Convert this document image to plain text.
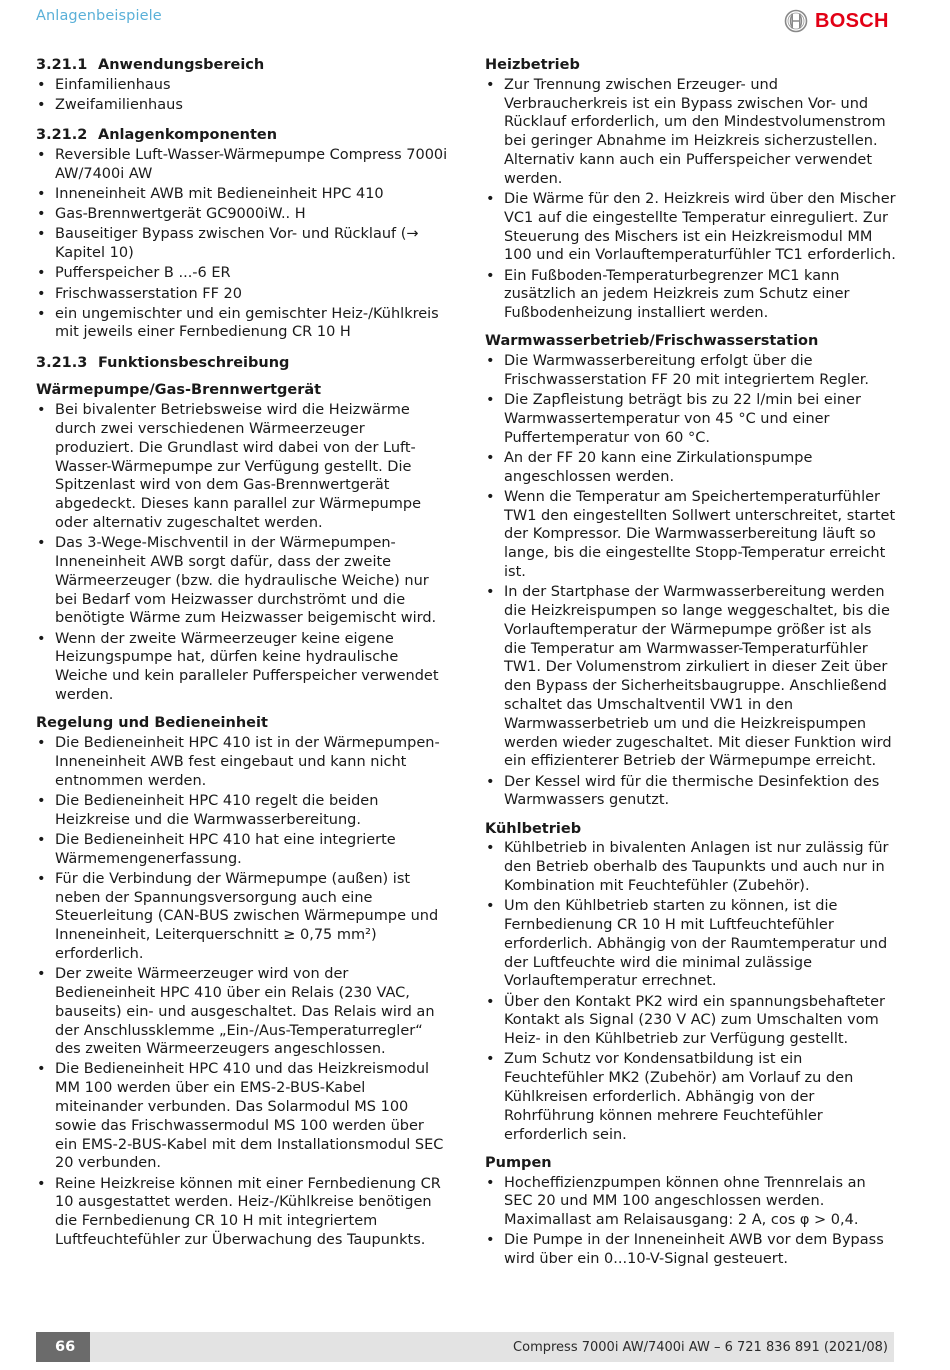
Anlagenbeispiele	BOSCH
3.21.1 Anwendungsbereich
• Einfamilienhaus
• Zweifamilienhaus
3.21.2 Anlagenkomponenten
• Reversible Luft-Wasser-Wärmepumpe Compress 7000i AW/7400i AW
• Inneneinheit AWB mit Bedieneinheit HPC 410
• Gas-Brennwertgerät GC9000iW.. H
• Bauseitiger Bypass zwischen Vor- und Rücklauf (→ Kapitel 10)
• Pufferspeicher B ...-6 ER
• Frischwasserstation FF 20
• ein ungemischter und ein gemischter Heiz-/Kühlkreis mit jeweils einer Fernbedienung CR 10 H
3.21.3 Funktionsbeschreibung
Wärmepumpe/Gas-Brennwertgerät
• Bei bivalenter Betriebsweise wird die Heizwärme durch zwei verschiedenen Wärmeerzeuger produziert. Die Grundlast wird dabei von der Luft-Wasser-Wärmepumpe zur Verfügung gestellt. Die Spitzenlast wird von dem Gas-Brennwertgerät abgedeckt. Dieses kann parallel zur Wärmepumpe oder alternativ zugeschaltet werden.
• Das 3-Wege-Mischventil in der Wärmepumpen-Inneneinheit AWB sorgt dafür, dass der zweite Wärmeerzeuger (bzw. die hydraulische Weiche) nur bei Bedarf vom Heizwasser durchströmt und die benötigte Wärme zum Heizwasser beigemischt wird.
• Wenn der zweite Wärmeerzeuger keine eigene Heizungspumpe hat, dürfen keine hydraulische Weiche und kein paralleler Pufferspeicher verwendet werden.
Regelung und Bedieneinheit
• Die Bedieneinheit HPC 410 ist in der Wärmepumpen-Inneneinheit AWB fest eingebaut und kann nicht entnommen werden.
• Die Bedieneinheit HPC 410 regelt die beiden Heizkreise und die Warmwasserbereitung.
• Die Bedieneinheit HPC 410 hat eine integrierte Wärmemengenerfassung.
• Für die Verbindung der Wärmepumpe (außen) ist neben der Spannungsversorgung auch eine Steuerleitung (CAN-BUS zwischen Wärmepumpe und Inneneinheit, Leiterquerschnitt ≥ 0,75 mm²) erforderlich.
• Der zweite Wärmeerzeuger wird von der Bedieneinheit HPC 410 über ein Relais (230 VAC, bauseits) ein- und ausgeschaltet. Das Relais wird an der Anschlussklemme „Ein-/Aus-Temperaturregler“ des zweiten Wärmeerzeugers angeschlossen.
• Die Bedieneinheit HPC 410 und das Heizkreismodul MM 100 werden über ein EMS-2-BUS-Kabel miteinander verbunden. Das Solarmodul MS 100 sowie das Frischwassermodul MS 100 werden über ein EMS-2-BUS-Kabel mit dem Installationsmodul SEC 20 verbunden.
• Reine Heizkreise können mit einer Fernbedienung CR 10 ausgestattet werden. Heiz-/Kühlkreise benötigen die Fernbedienung CR 10 H mit integriertem Luftfeuchtefühler zur Überwachung des Taupunkts.
Heizbetrieb
• Zur Trennung zwischen Erzeuger- und Verbraucherkreis ist ein Bypass zwischen Vor- und Rücklauf erforderlich, um den Mindestvolumenstrom bei geringer Abnahme im Heizkreis sicherzustellen. Alternativ kann auch ein Pufferspeicher verwendet werden.
• Die Wärme für den 2. Heizkreis wird über den Mischer VC1 auf die eingestellte Temperatur einreguliert. Zur Steuerung des Mischers ist ein Heizkreismodul MM 100 und ein Vorlauftemperaturfühler TC1 erforderlich.
• Ein Fußboden-Temperaturbegrenzer MC1 kann zusätzlich an jedem Heizkreis zum Schutz einer Fußbodenheizung installiert werden.
Warmwasserbetrieb/Frischwasserstation
• Die Warmwasserbereitung erfolgt über die Frischwasserstation FF 20 mit integriertem Regler.
• Die Zapfleistung beträgt bis zu 22 l/min bei einer Warmwassertemperatur von 45 °C und einer Puffertemperatur von 60 °C.
• An der FF 20 kann eine Zirkulationspumpe angeschlossen werden.
• Wenn die Temperatur am Speichertemperaturfühler TW1 den eingestellten Sollwert unterschreitet, startet der Kompressor. Die Warmwasserbereitung läuft so lange, bis die eingestellte Stopp-Temperatur erreicht ist.
• In der Startphase der Warmwasserbereitung werden die Heizkreispumpen so lange weggeschaltet, bis die Vorlauftemperatur der Wärmepumpe größer ist als die Temperatur am Warmwasser-Temperaturfühler TW1. Der Volumenstrom zirkuliert in dieser Zeit über den Bypass der Sicherheitsbaugruppe. Anschließend schaltet das Umschaltventil VW1 in den Warmwasserbetrieb um und die Heizkreispumpen werden wieder zugeschaltet. Mit dieser Funktion wird ein effizienterer Betrieb der Wärmepumpe erreicht.
• Der Kessel wird für die thermische Desinfektion des Warmwassers genutzt.
Kühlbetrieb
• Kühlbetrieb in bivalenten Anlagen ist nur zulässig für den Betrieb oberhalb des Taupunkts und auch nur in Kombination mit Feuchtefühler (Zubehör).
• Um den Kühlbetrieb starten zu können, ist die Fernbedienung CR 10 H mit Luftfeuchtefühler erforderlich. Abhängig von der Raumtemperatur und der Luftfeuchte wird die minimal zulässige Vorlauftemperatur errechnet.
• Über den Kontakt PK2 wird ein spannungsbehafteter Kontakt als Signal (230 V AC) zum Umschalten vom Heiz- in den Kühlbetrieb zur Verfügung gestellt.
• Zum Schutz vor Kondensatbildung ist ein Feuchtefühler MK2 (Zubehör) am Vorlauf zu den Kühlkreisen erforderlich. Abhängig von der Rohrführung können mehrere Feuchtefühler erforderlich sein.
Pumpen
• Hocheffizienzpumpen können ohne Trennrelais an SEC 20 und MM 100 angeschlossen werden. Maximallast am Relaisausgang: 2 A, cos φ > 0,4.
• Die Pumpe in der Inneneinheit AWB vor dem Bypass wird über ein 0...10-V-Signal gesteuert.
66	Compress 7000i AW/7400i AW – 6 721 836 891 (2021/08)
